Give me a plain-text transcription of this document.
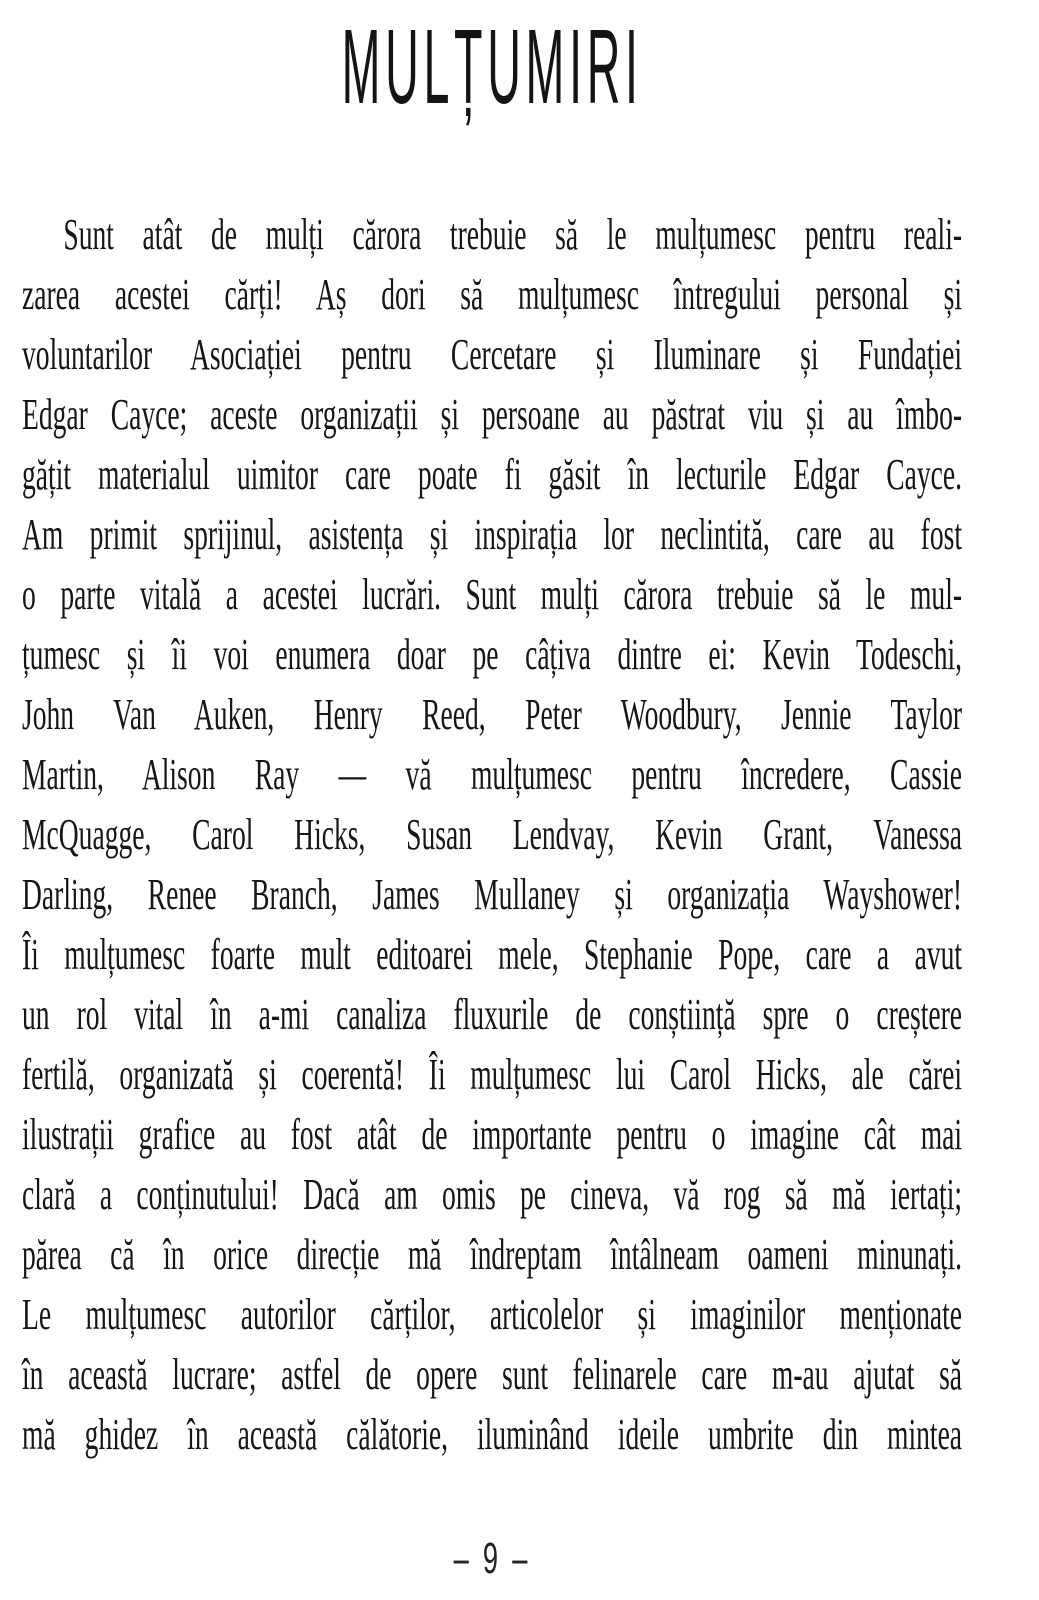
MULȚUMIRI
Sunt atât de mulți cărora trebuie să le mulțumesc pentru reali-
zarea acestei cărți! Aș dori să mulțumesc întregului personal și
voluntarilor Asociației pentru Cercetare și Iluminare și Fundației
Edgar Cayce; aceste organizații și persoane au păstrat viu și au îmbo-
gățit materialul uimitor care poate fi găsit în lecturile Edgar Cayce.
Am primit sprijinul, asistența și inspirația lor neclintită, care au fost
o parte vitală a acestei lucrări. Sunt mulți cărora trebuie să le mul-
țumesc și îi voi enumera doar pe câțiva dintre ei: Kevin Todeschi,
John Van Auken, Henry Reed, Peter Woodbury, Jennie Taylor
Martin, Alison Ray — vă mulțumesc pentru încredere, Cassie
McQuagge, Carol Hicks, Susan Lendvay, Kevin Grant, Vanessa
Darling, Renee Branch, James Mullaney și organizația Wayshower!
Îi mulțumesc foarte mult editoarei mele, Stephanie Pope, care a avut
un rol vital în a-mi canaliza fluxurile de conștiință spre o creștere
fertilă, organizată și coerentă! Îi mulțumesc lui Carol Hicks, ale cărei
ilustrații grafice au fost atât de importante pentru o imagine cât mai
clară a conținutului! Dacă am omis pe cineva, vă rog să mă iertați;
părea că în orice direcție mă îndreptam întâlneam oameni minunați.
Le mulțumesc autorilor cărților, articolelor și imaginilor menționate
în această lucrare; astfel de opere sunt felinarele care m-au ajutat să
mă ghidez în această călătorie, iluminând ideile umbrite din mintea
– 9 –
